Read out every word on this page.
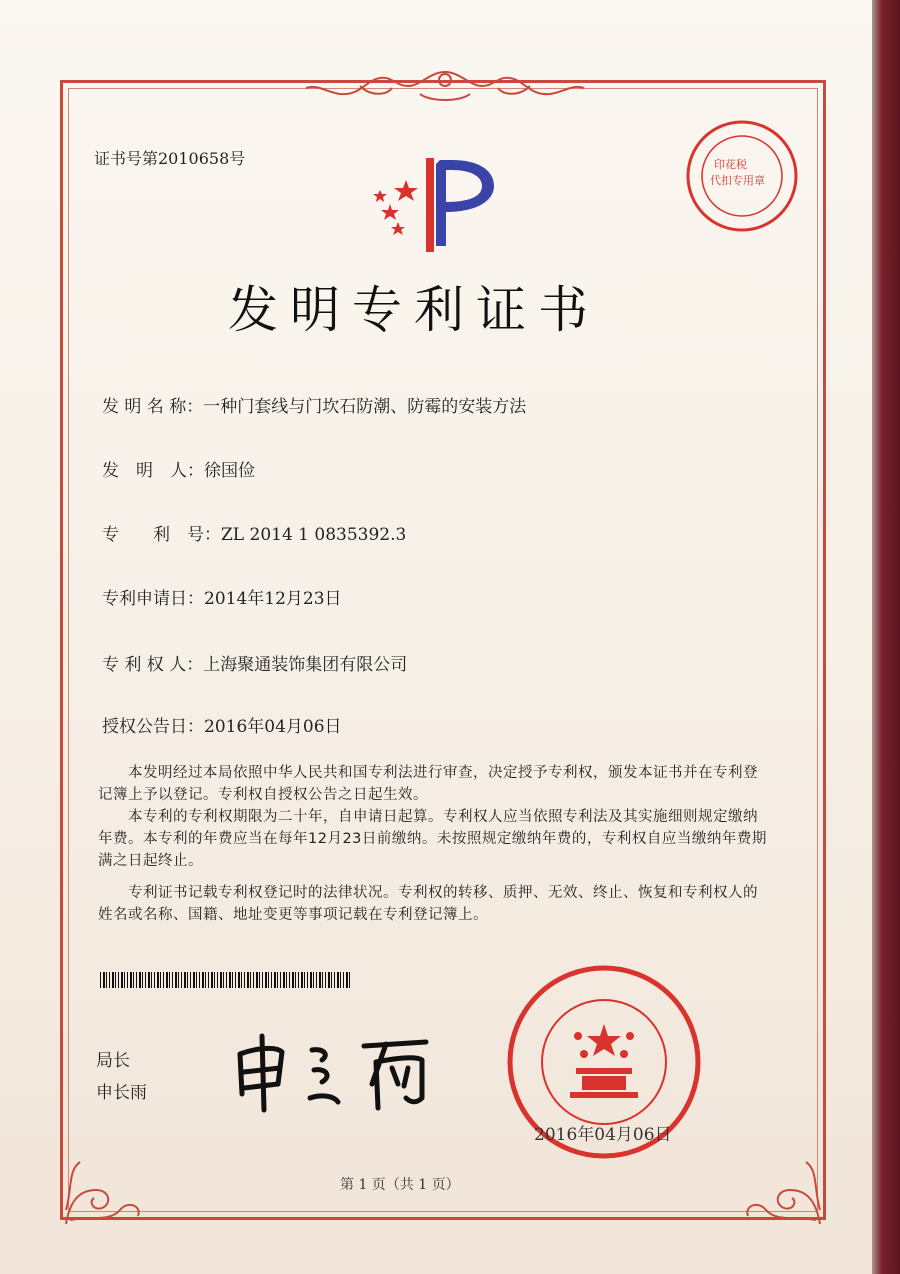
证书号第2010658号	印花税
代扣专用章
发明专利证书
发 明 名 称：一种门套线与门坎石防潮、防霉的安装方法
发　明　人：徐国俭
专　　利　号：ZL 2014 1 0835392.3
专利申请日：2014年12月23日
专 利 权 人：上海聚通装饰集团有限公司
授权公告日：2016年04月06日
本发明经过本局依照中华人民共和国专利法进行审查，决定授予专利权，颁发本证书并在专利登记簿上予以登记。专利权自授权公告之日起生效。
本专利的专利权期限为二十年，自申请日起算。专利权人应当依照专利法及其实施细则规定缴纳年费。本专利的年费应当在每年12月23日前缴纳。未按照规定缴纳年费的，专利权自应当缴纳年费期满之日起终止。
专利证书记载专利权登记时的法律状况。专利权的转移、质押、无效、终止、恢复和专利权人的姓名或名称、国籍、地址变更等事项记载在专利登记簿上。
局长
申长雨
2016年04月06日
第 1 页（共 1 页）
